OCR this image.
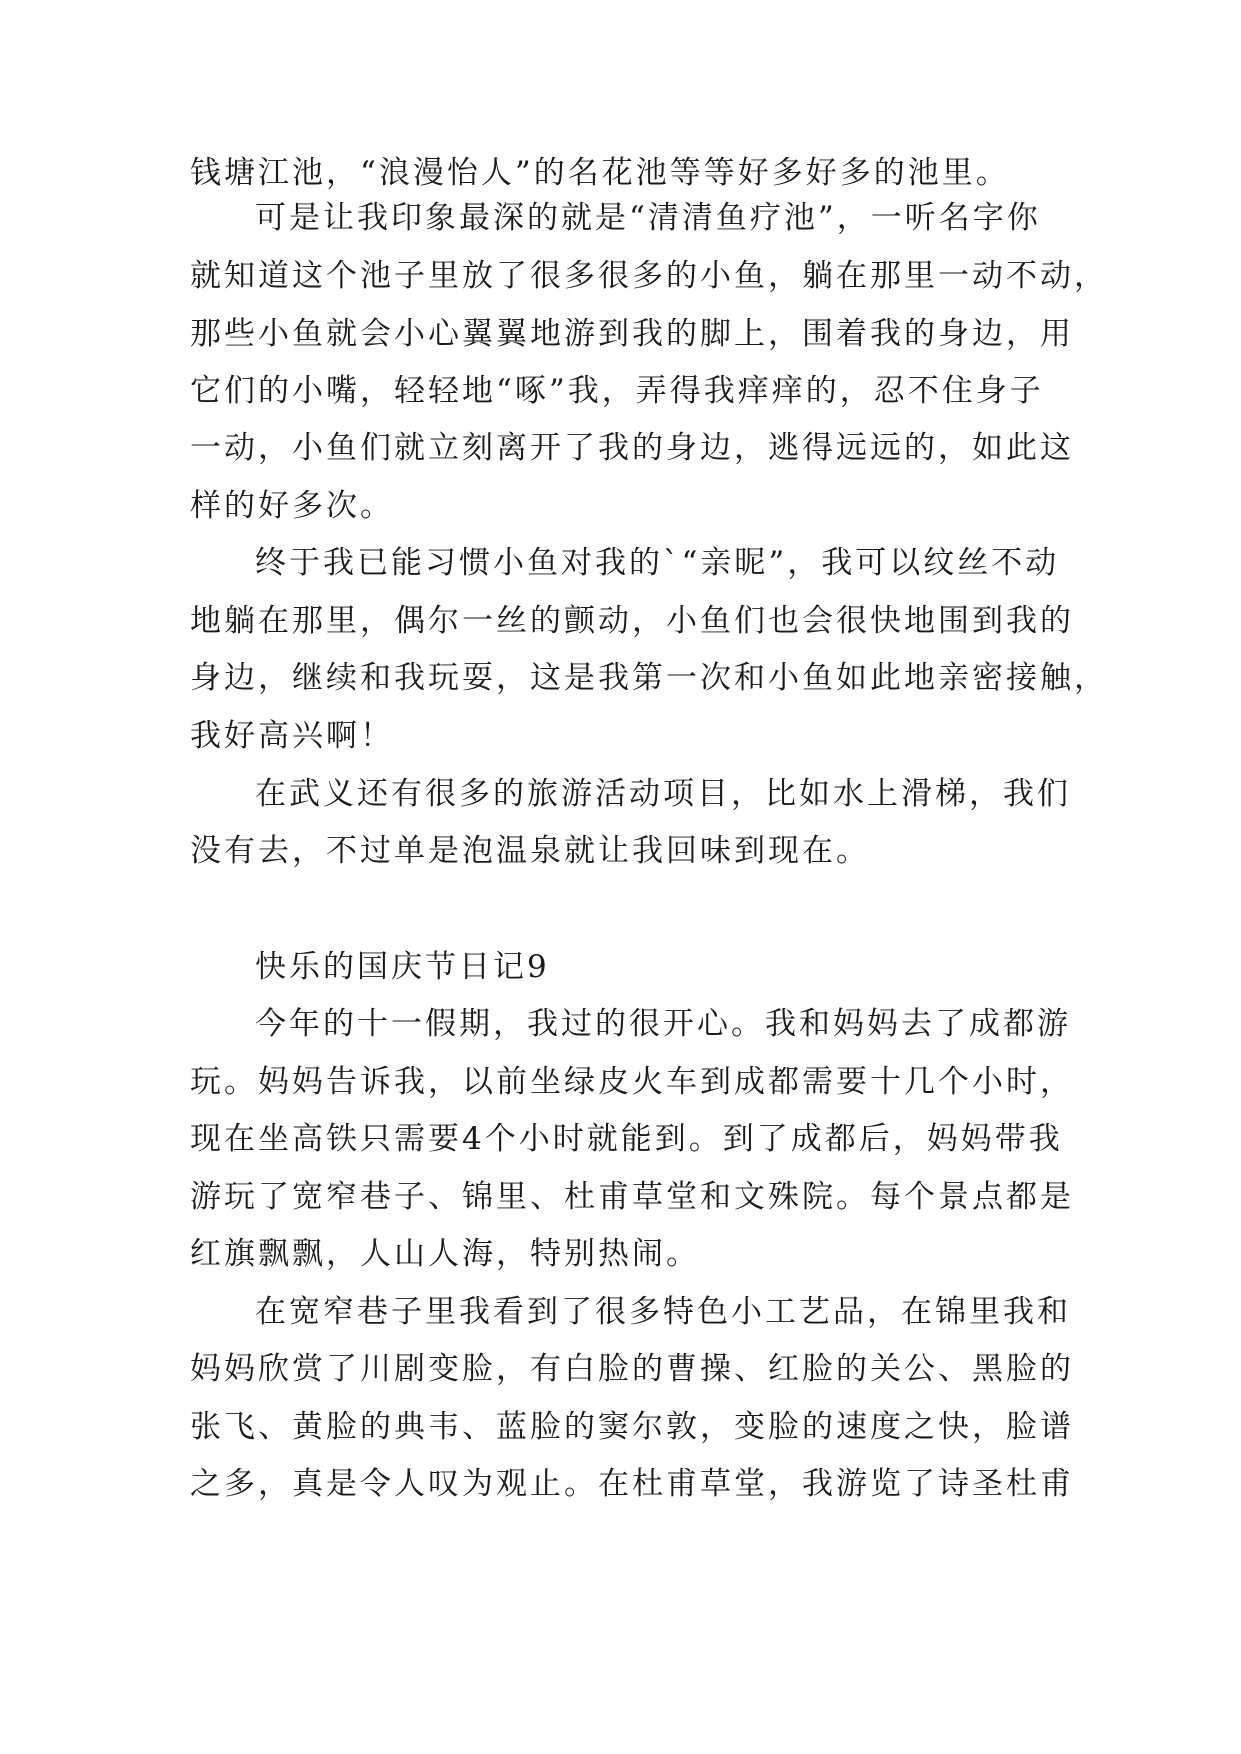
钱塘江池，“浪漫怡人”的名花池等等好多好多的池里。
可是让我印象最深的就是“清清鱼疗池”，一听名字你
就知道这个池子里放了很多很多的小鱼，躺在那里一动不动，
那些小鱼就会小心翼翼地游到我的脚上，围着我的身边，用
它们的小嘴，轻轻地“啄”我，弄得我痒痒的，忍不住身子
一动，小鱼们就立刻离开了我的身边，逃得远远的，如此这
样的好多次。
终于我已能习惯小鱼对我的`“亲昵”，我可以纹丝不动
地躺在那里，偶尔一丝的颤动，小鱼们也会很快地围到我的
身边，继续和我玩耍，这是我第一次和小鱼如此地亲密接触，
我好高兴啊！
在武义还有很多的旅游活动项目，比如水上滑梯，我们
没有去，不过单是泡温泉就让我回味到现在。
快乐的国庆节日记9
今年的十一假期，我过的很开心。我和妈妈去了成都游
玩。妈妈告诉我，以前坐绿皮火车到成都需要十几个小时，
现在坐高铁只需要4个小时就能到。到了成都后，妈妈带我
游玩了宽窄巷子、锦里、杜甫草堂和文殊院。每个景点都是
红旗飘飘，人山人海，特别热闹。
在宽窄巷子里我看到了很多特色小工艺品，在锦里我和
妈妈欣赏了川剧变脸，有白脸的曹操、红脸的关公、黑脸的
张飞、黄脸的典韦、蓝脸的窦尔敦，变脸的速度之快，脸谱
之多，真是令人叹为观止。在杜甫草堂，我游览了诗圣杜甫
